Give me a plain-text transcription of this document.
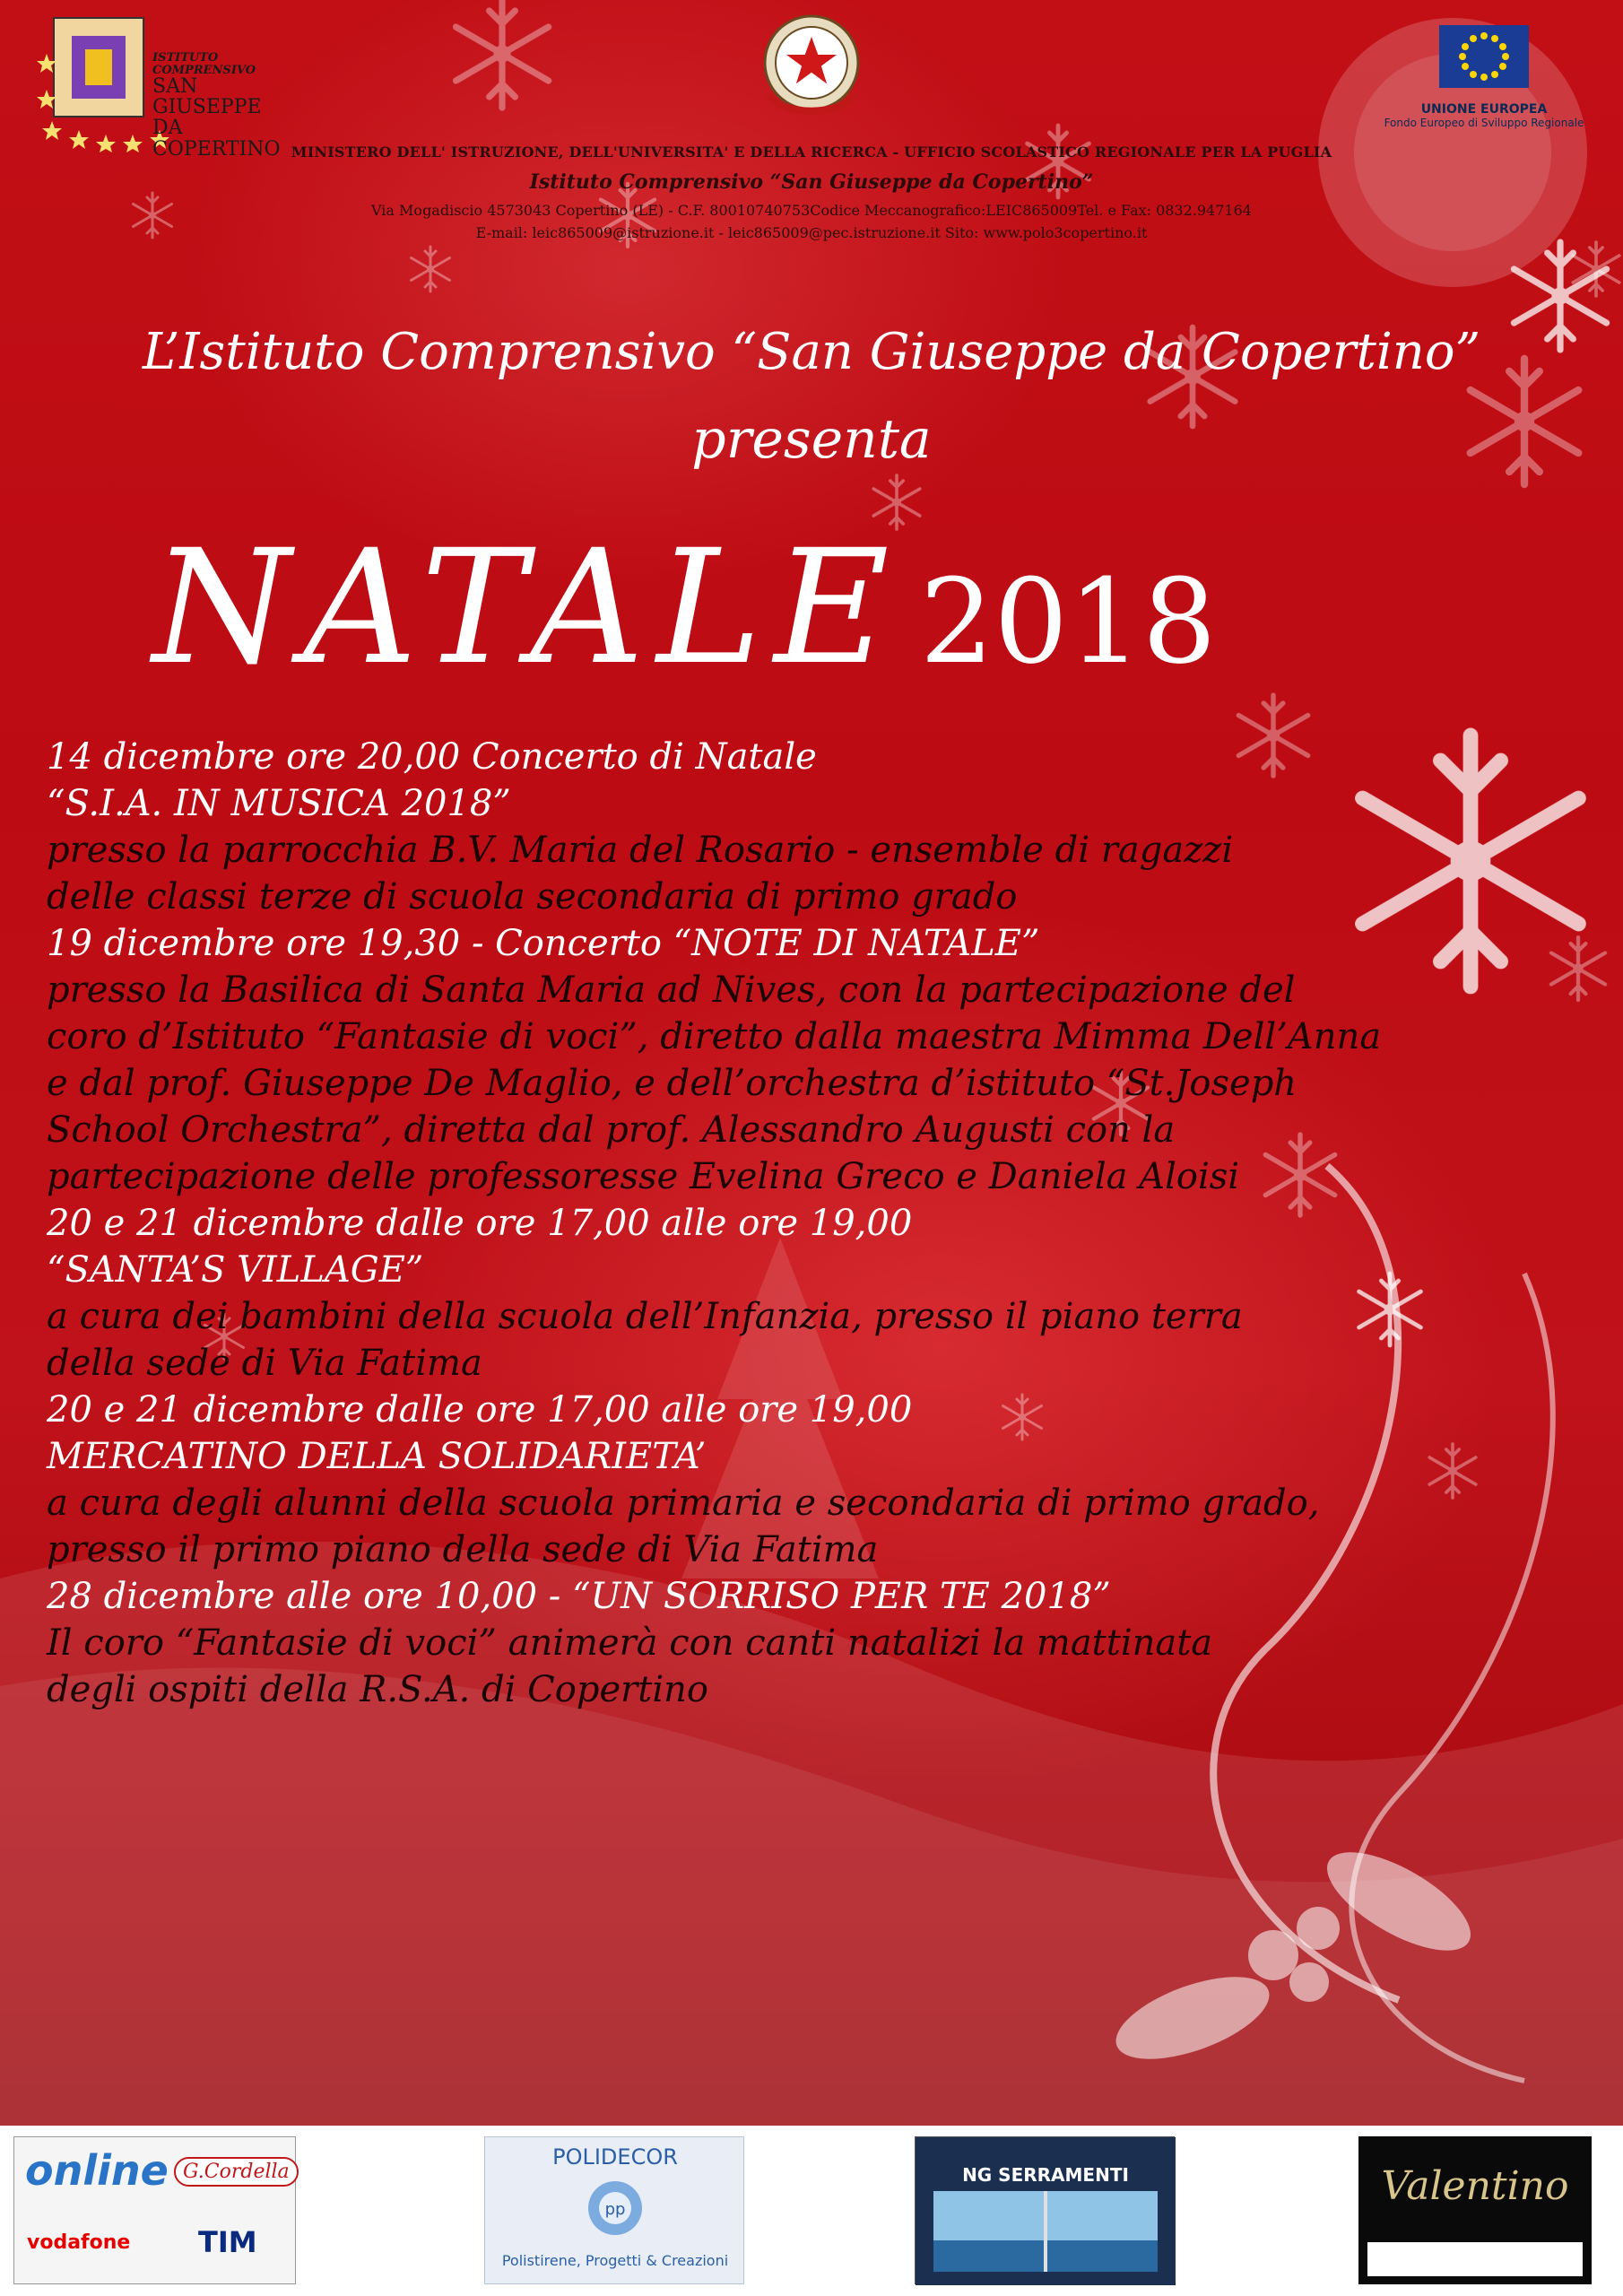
ISTITUTO COMPRENSIVO
SAN GIUSEPPE
DA COPERTINO
UNIONE EUROPEA
Fondo Europeo di Sviluppo Regionale
MINISTERO DELL' ISTRUZIONE, DELL'UNIVERSITA' E DELLA RICERCA - UFFICIO SCOLASTICO REGIONALE PER LA PUGLIA
Istituto Comprensivo “San Giuseppe da Copertino”
Via Mogadiscio 4573043 Copertino (LE) - C.F. 80010740753Codice Meccanografico:LEIC865009Tel. e Fax: 0832.947164
E-mail: leic865009@istruzione.it - leic865009@pec.istruzione.it Sito: www.polo3copertino.it
L’Istituto Comprensivo “San Giuseppe da Copertino”
presenta
NATALE 2018
14 dicembre ore 20,00 Concerto di Natale
“S.I.A. IN MUSICA 2018”
presso la parrocchia B.V. Maria del Rosario - ensemble di ragazzi
delle classi terze di scuola secondaria di primo grado
19 dicembre ore 19,30 - Concerto “NOTE DI NATALE”
presso la Basilica di Santa Maria ad Nives, con la partecipazione del
coro d’Istituto “Fantasie di voci”, diretto dalla maestra Mimma Dell’Anna
e dal prof. Giuseppe De Maglio, e dell’orchestra d’istituto “St.Joseph
School Orchestra”, diretta dal prof. Alessandro Augusti con la
partecipazione delle professoresse Evelina Greco e Daniela Aloisi
20 e 21 dicembre dalle ore 17,00 alle ore 19,00
“SANTA’S VILLAGE”
a cura dei bambini della scuola dell’Infanzia, presso il piano terra
della sede di Via Fatima
20 e 21 dicembre dalle ore 17,00 alle ore 19,00
MERCATINO DELLA SOLIDARIETA’
a cura degli alunni della scuola primaria e secondaria di primo grado,
presso il primo piano della sede di Via Fatima
28 dicembre alle ore 10,00 - “UN SORRISO PER TE 2018”
Il coro “Fantasie di voci” animerà con canti natalizi la mattinata
degli ospiti della R.S.A. di Copertino
online G.Cordella
vodafone TIM
POLIDECOR
pp
Polistirene, Progetti & Creazioni
NG SERRAMENTI	Valentino
